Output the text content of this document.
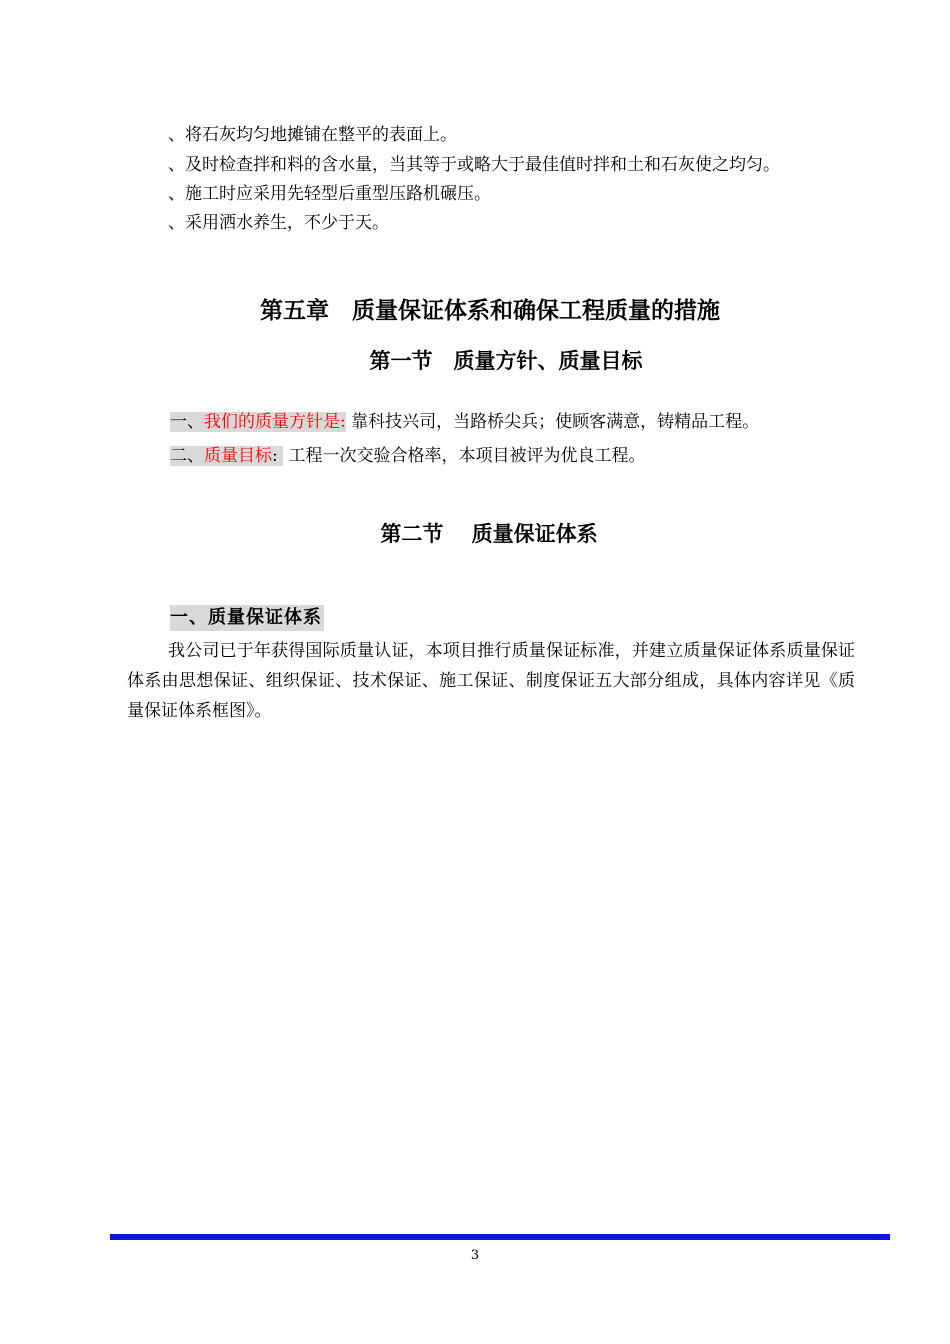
、将石灰均匀地摊铺在整平的表面上。
、及时检查拌和料的含水量，当其等于或略大于最佳值时拌和土和石灰使之均匀。
、施工时应采用先轻型后重型压路机碾压。
、采用洒水养生，不少于天。
第五章　质量保证体系和确保工程质量的措施
第一节　质量方针、质量目标
一、我们的质量方针是: 靠科技兴司，当路桥尖兵；使顾客满意，铸精品工程。
二、质量目标:  工程一次交验合格率，本项目被评为优良工程。
第二节　 质量保证体系
一、质量保证体系
我公司已于年获得国际质量认证，本项目推行质量保证标准，并建立质量保证体系质量保证体系由思想保证、组织保证、技术保证、施工保证、制度保证五大部分组成，具体内容详见《质量保证体系框图》。
3
